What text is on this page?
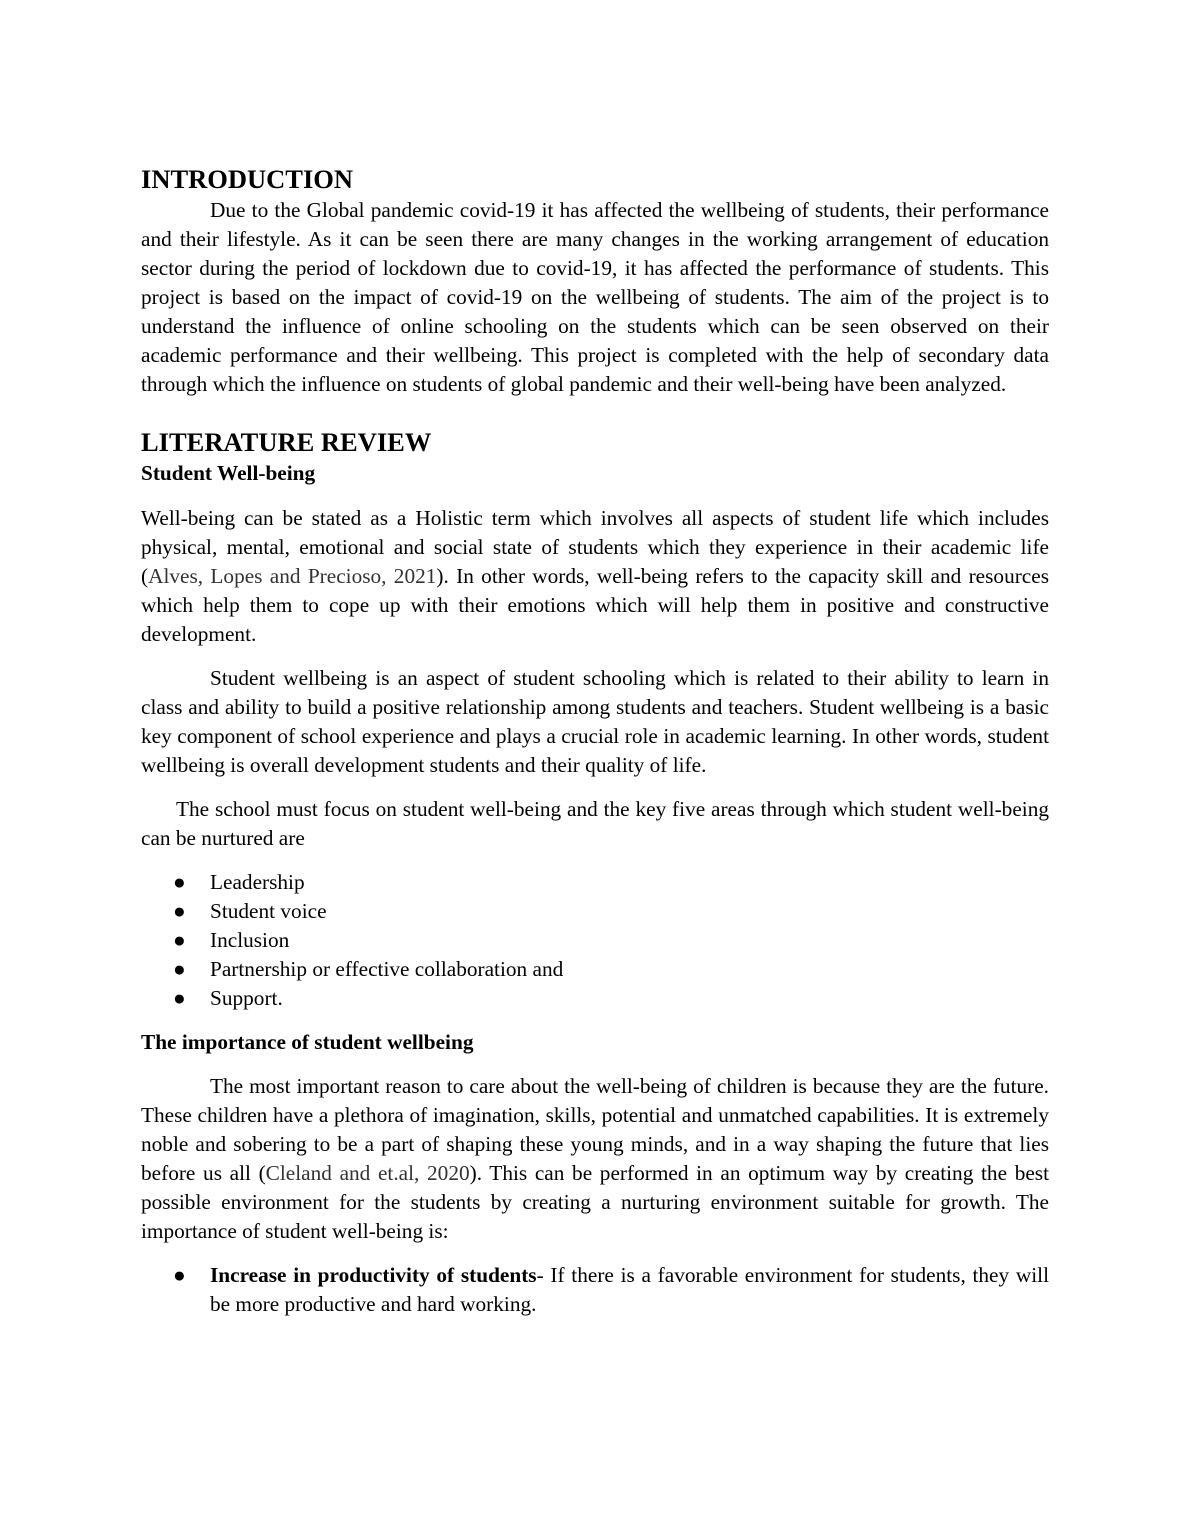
INTRODUCTION

Due to the Global pandemic covid-19 it has affected the wellbeing of students, their performance and their lifestyle. As it can be seen there are many changes in the working arrangement of education sector during the period of lockdown due to covid-19, it has affected the performance of students. This project is based on the impact of covid-19 on the wellbeing of students. The aim of the project is to understand the influence of online schooling on the students which can be seen observed on their academic performance and their wellbeing. This project is completed with the help of secondary data through which the influence on students of global pandemic and their well-being have been analyzed.

LITERATURE REVIEW
Student Well-being

Well-being can be stated as a Holistic term which involves all aspects of student life which includes physical, mental, emotional and social state of students which they experience in their academic life (Alves, Lopes and Precioso, 2021). In other words, well-being refers to the capacity skill and resources which help them to cope up with their emotions which will help them in positive and constructive development.

Student wellbeing is an aspect of student schooling which is related to their ability to learn in class and ability to build a positive relationship among students and teachers. Student wellbeing is a basic key component of school experience and plays a crucial role in academic learning. In other words, student wellbeing is overall development students and their quality of life.

The school must focus on student well-being and the key five areas through which student well-being can be nurtured are

●	Leadership
●	Student voice
●	Inclusion
●	Partnership or effective collaboration and
●	Support.
The importance of student wellbeing

The most important reason to care about the well-being of children is because they are the future. These children have a plethora of imagination, skills, potential and unmatched capabilities. It is extremely noble and sobering to be a part of shaping these young minds, and in a way shaping the future that lies before us all (Cleland and et.al, 2020). This can be performed in an optimum way by creating the best possible environment for the students by creating a nurturing environment suitable for growth. The importance of student well-being is:

●	Increase in productivity of students- If there is a favorable environment for students, they will be more productive and hard working.
